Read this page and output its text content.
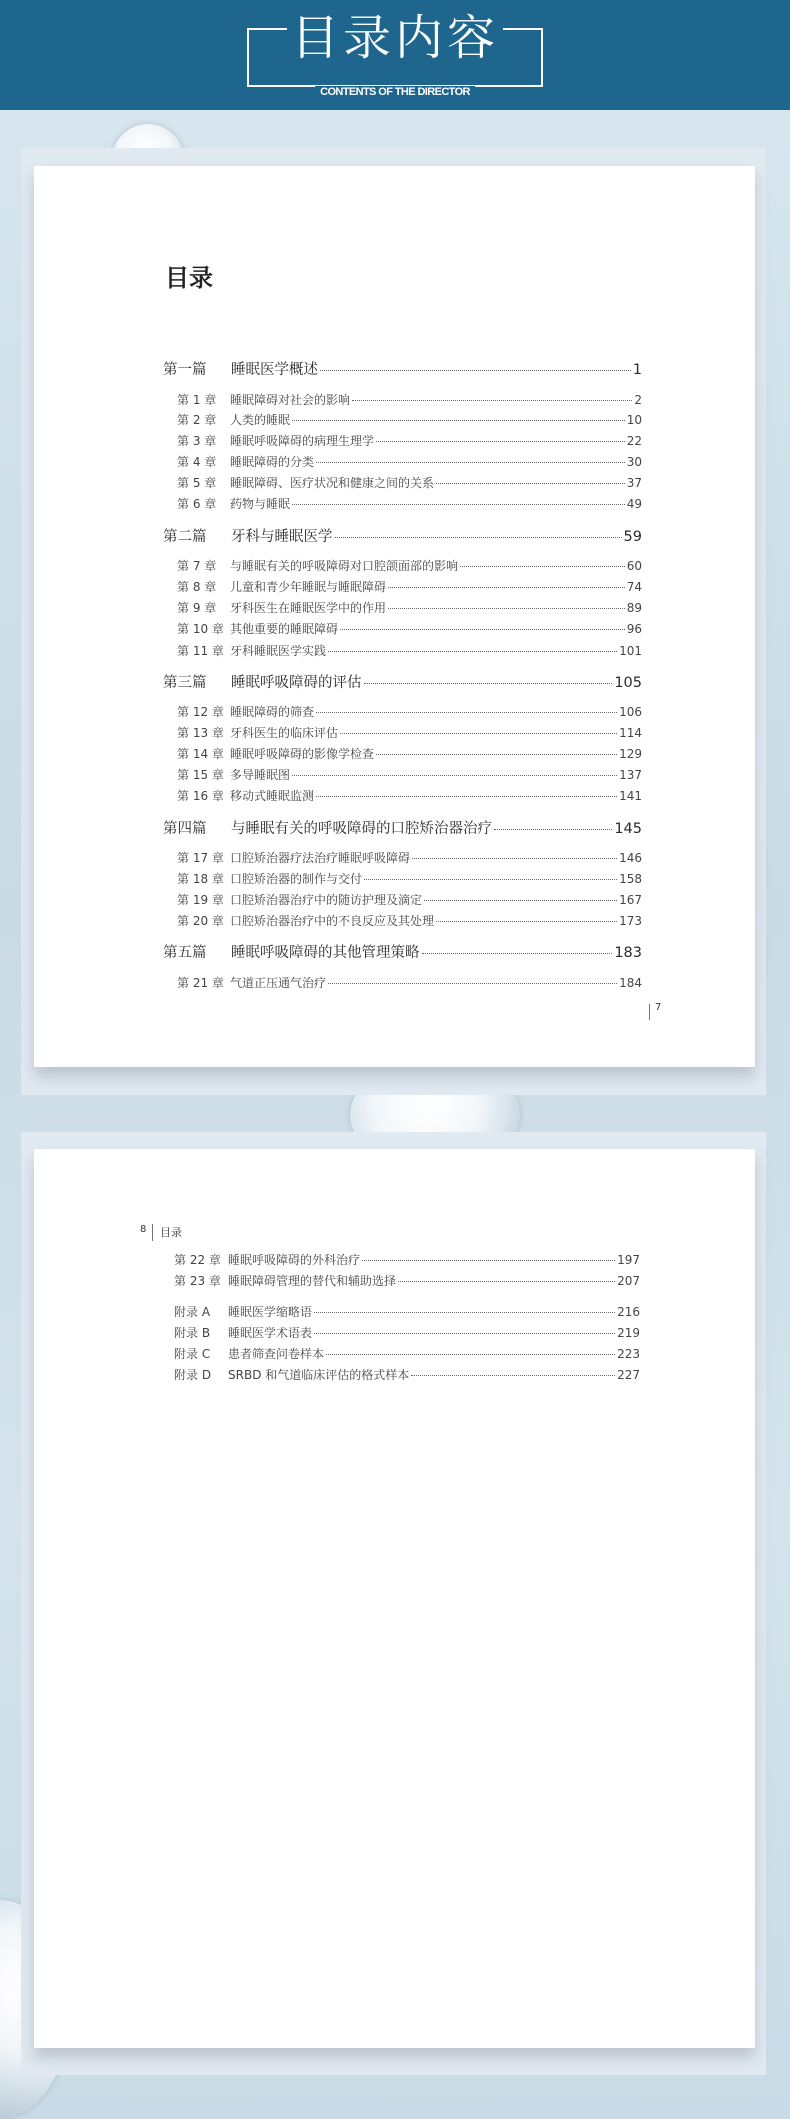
目录内容
CONTENTS OF THE DIRECTOR
目录
第一篇	睡眠医学概述	1
第 1 章	睡眠障碍对社会的影响	2
第 2 章	人类的睡眠	10
第 3 章	睡眠呼吸障碍的病理生理学	22
第 4 章	睡眠障碍的分类	30
第 5 章	睡眠障碍、医疗状况和健康之间的关系	37
第 6 章	药物与睡眠	49
第二篇	牙科与睡眠医学	59
第 7 章	与睡眠有关的呼吸障碍对口腔颌面部的影响	60
第 8 章	儿童和青少年睡眠与睡眠障碍	74
第 9 章	牙科医生在睡眠医学中的作用	89
第 10 章 其他重要的睡眠障碍	96
第 11 章 牙科睡眠医学实践	101
第三篇	睡眠呼吸障碍的评估	105
第 12 章 睡眠障碍的筛查	106
第 13 章 牙科医生的临床评估	114
第 14 章 睡眠呼吸障碍的影像学检查	129
第 15 章 多导睡眠图	137
第 16 章 移动式睡眠监测	141
第四篇	与睡眠有关的呼吸障碍的口腔矫治器治疗	145
第 17 章 口腔矫治器疗法治疗睡眠呼吸障碍	146
第 18 章 口腔矫治器的制作与交付	158
第 19 章 口腔矫治器治疗中的随访护理及滴定	167
第 20 章 口腔矫治器治疗中的不良反应及其处理	173
第五篇	睡眠呼吸障碍的其他管理策略	183
第 21 章 气道正压通气治疗	184
7
8 目录
第 22 章 睡眠呼吸障碍的外科治疗	197
第 23 章 睡眠障碍管理的替代和辅助选择	207
附录 A	睡眠医学缩略语	216
附录 B	睡眠医学术语表	219
附录 C	患者筛查问卷样本	223
附录 D	SRBD 和气道临床评估的格式样本	227
